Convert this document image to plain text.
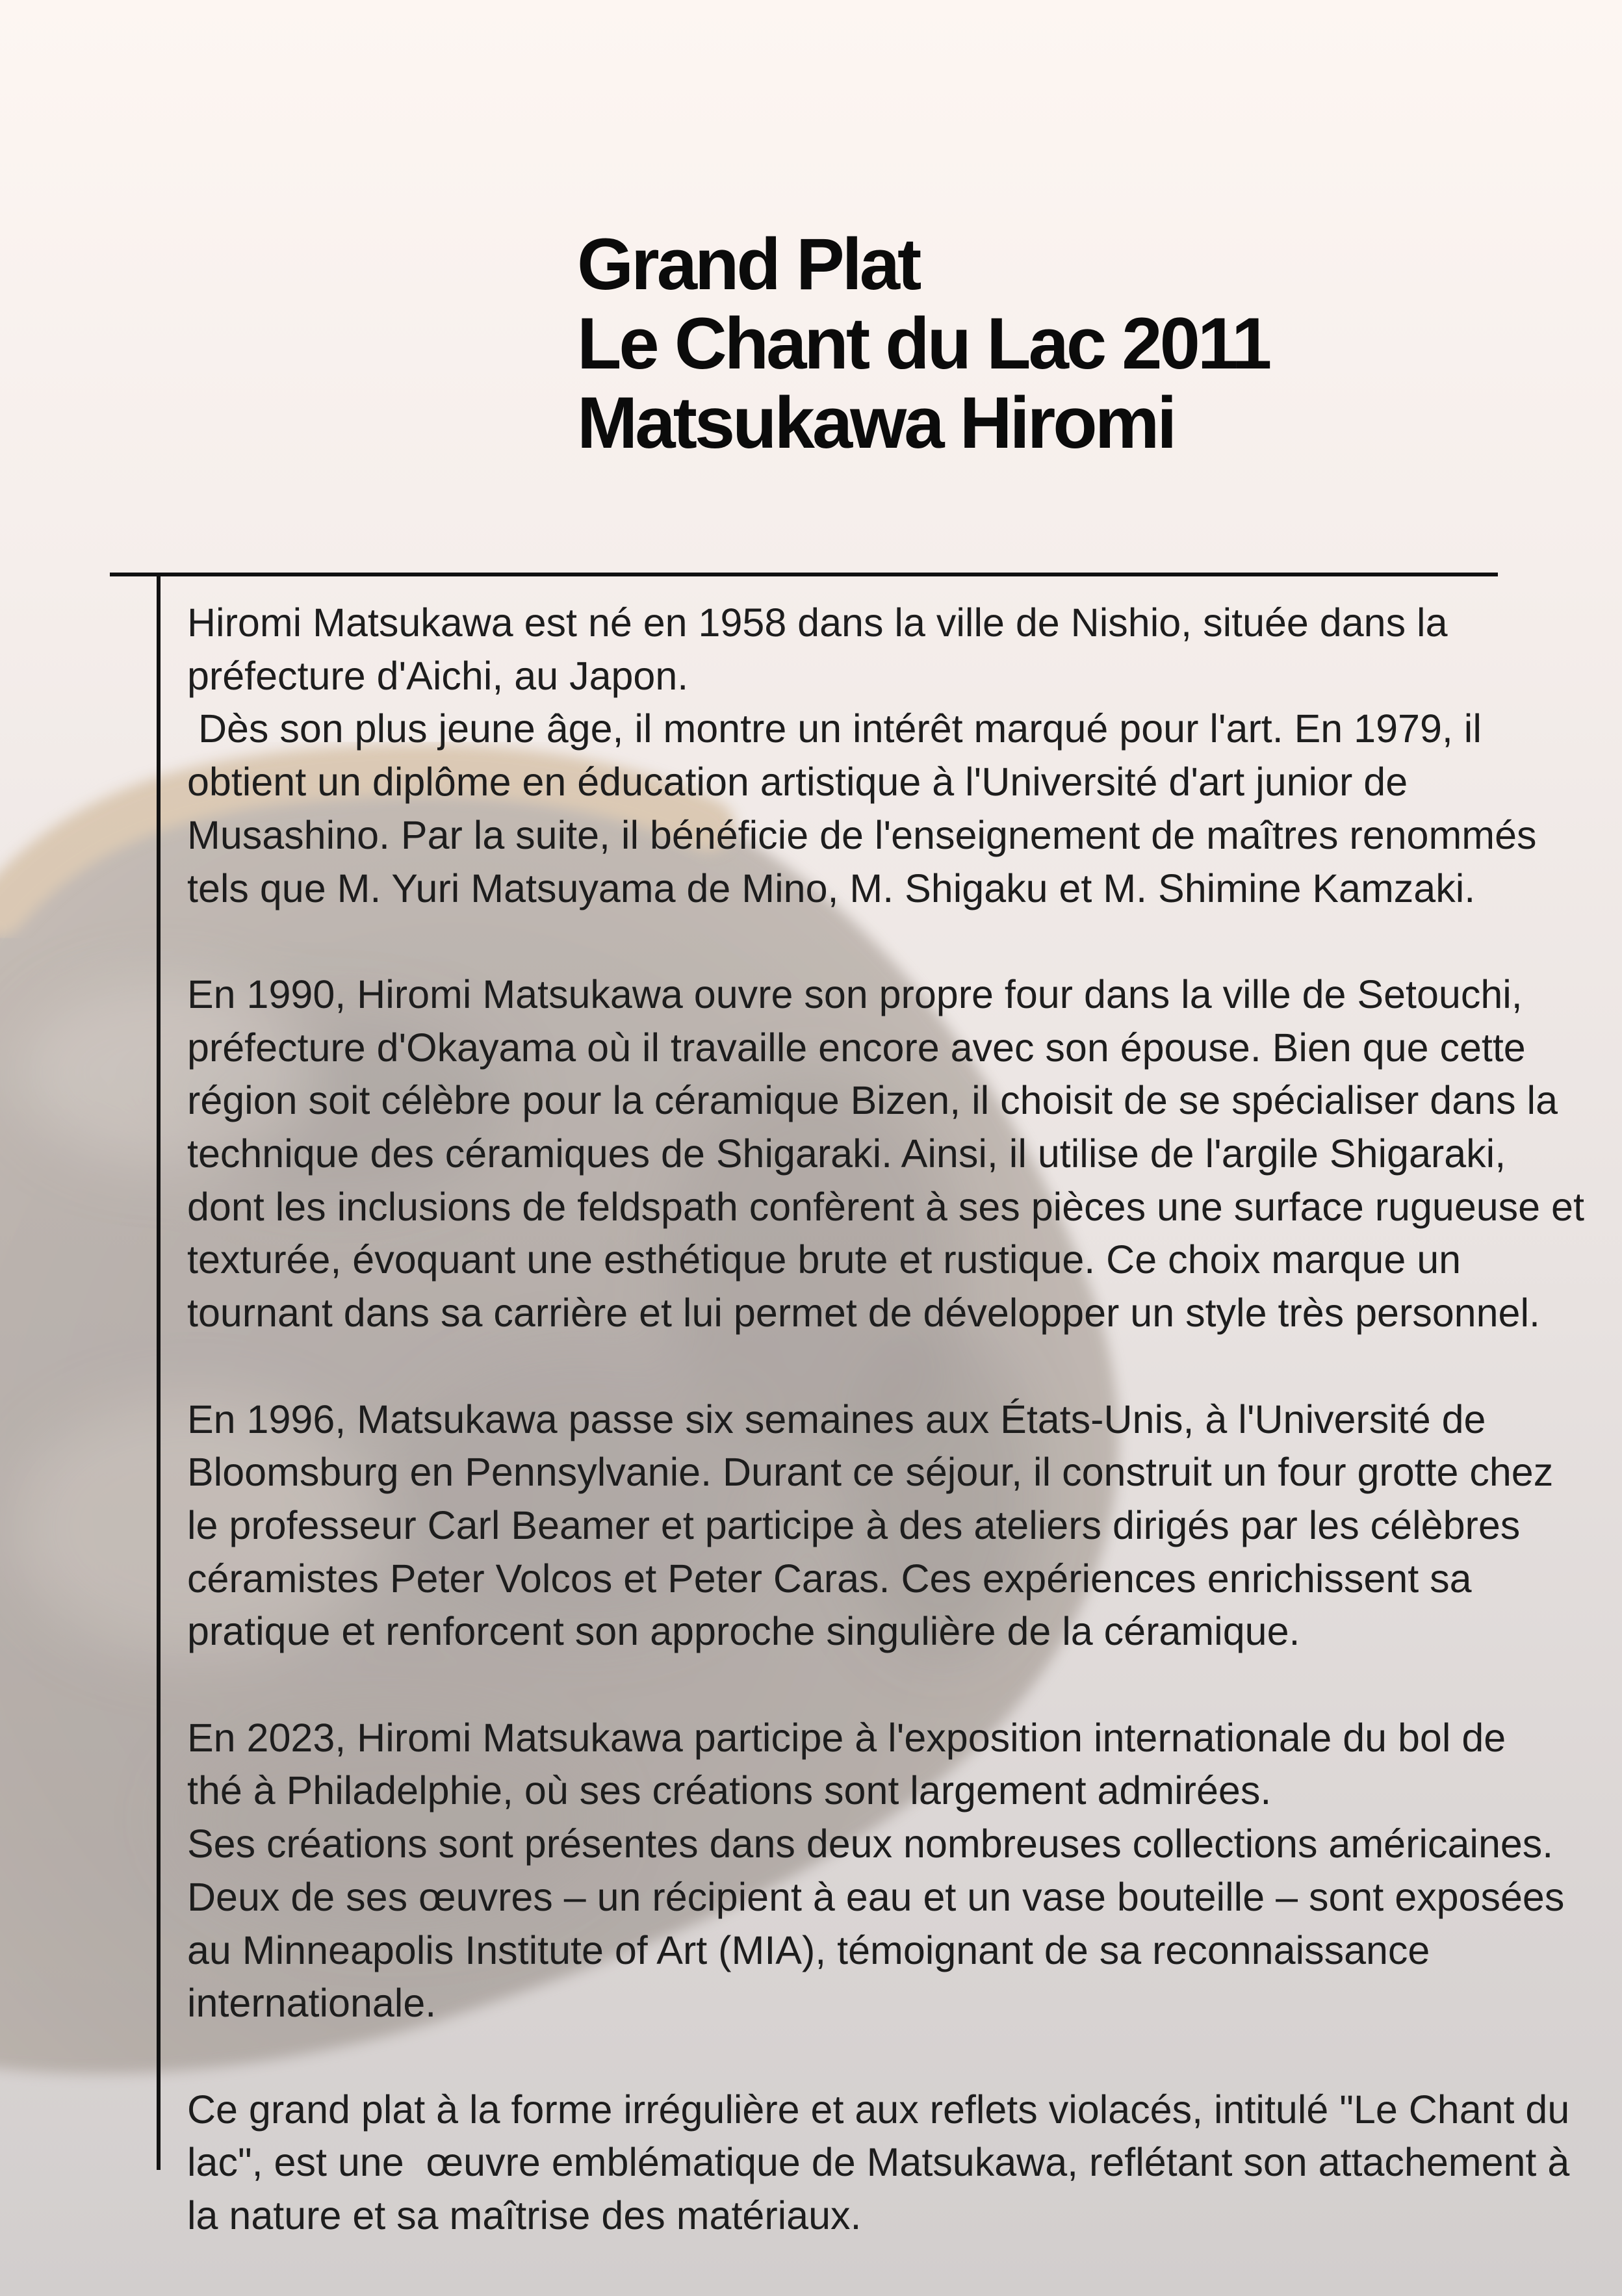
Grand Plat
Le Chant du Lac 2011
Matsukawa Hiromi

Hiromi Matsukawa est né en 1958 dans la ville de Nishio, située dans la
préfecture d'Aichi, au Japon.
Dès son plus jeune âge, il montre un intérêt marqué pour l'art. En 1979, il
obtient un diplôme en éducation artistique à l'Université d'art junior de
Musashino. Par la suite, il bénéficie de l'enseignement de maîtres renommés
tels que M. Yuri Matsuyama de Mino, M. Shigaku et M. Shimine Kamzaki.

En 1990, Hiromi Matsukawa ouvre son propre four dans la ville de Setouchi,
préfecture d'Okayama où il travaille encore avec son épouse. Bien que cette
région soit célèbre pour la céramique Bizen, il choisit de se spécialiser dans la
technique des céramiques de Shigaraki. Ainsi, il utilise de l'argile Shigaraki,
dont les inclusions de feldspath confèrent à ses pièces une surface rugueuse et
texturée, évoquant une esthétique brute et rustique. Ce choix marque un
tournant dans sa carrière et lui permet de développer un style très personnel.

En 1996, Matsukawa passe six semaines aux États-Unis, à l'Université de
Bloomsburg en Pennsylvanie. Durant ce séjour, il construit un four grotte chez
le professeur Carl Beamer et participe à des ateliers dirigés par les célèbres
céramistes Peter Volcos et Peter Caras. Ces expériences enrichissent sa
pratique et renforcent son approche singulière de la céramique.

En 2023, Hiromi Matsukawa participe à l'exposition internationale du bol de
thé à Philadelphie, où ses créations sont largement admirées.
Ses créations sont présentes dans deux nombreuses collections américaines.
Deux de ses œuvres – un récipient à eau et un vase bouteille – sont exposées
au Minneapolis Institute of Art (MIA), témoignant de sa reconnaissance
internationale.

Ce grand plat à la forme irrégulière et aux reflets violacés, intitulé "Le Chant du
lac", est une  œuvre emblématique de Matsukawa, reflétant son attachement à
la nature et sa maîtrise des matériaux.
